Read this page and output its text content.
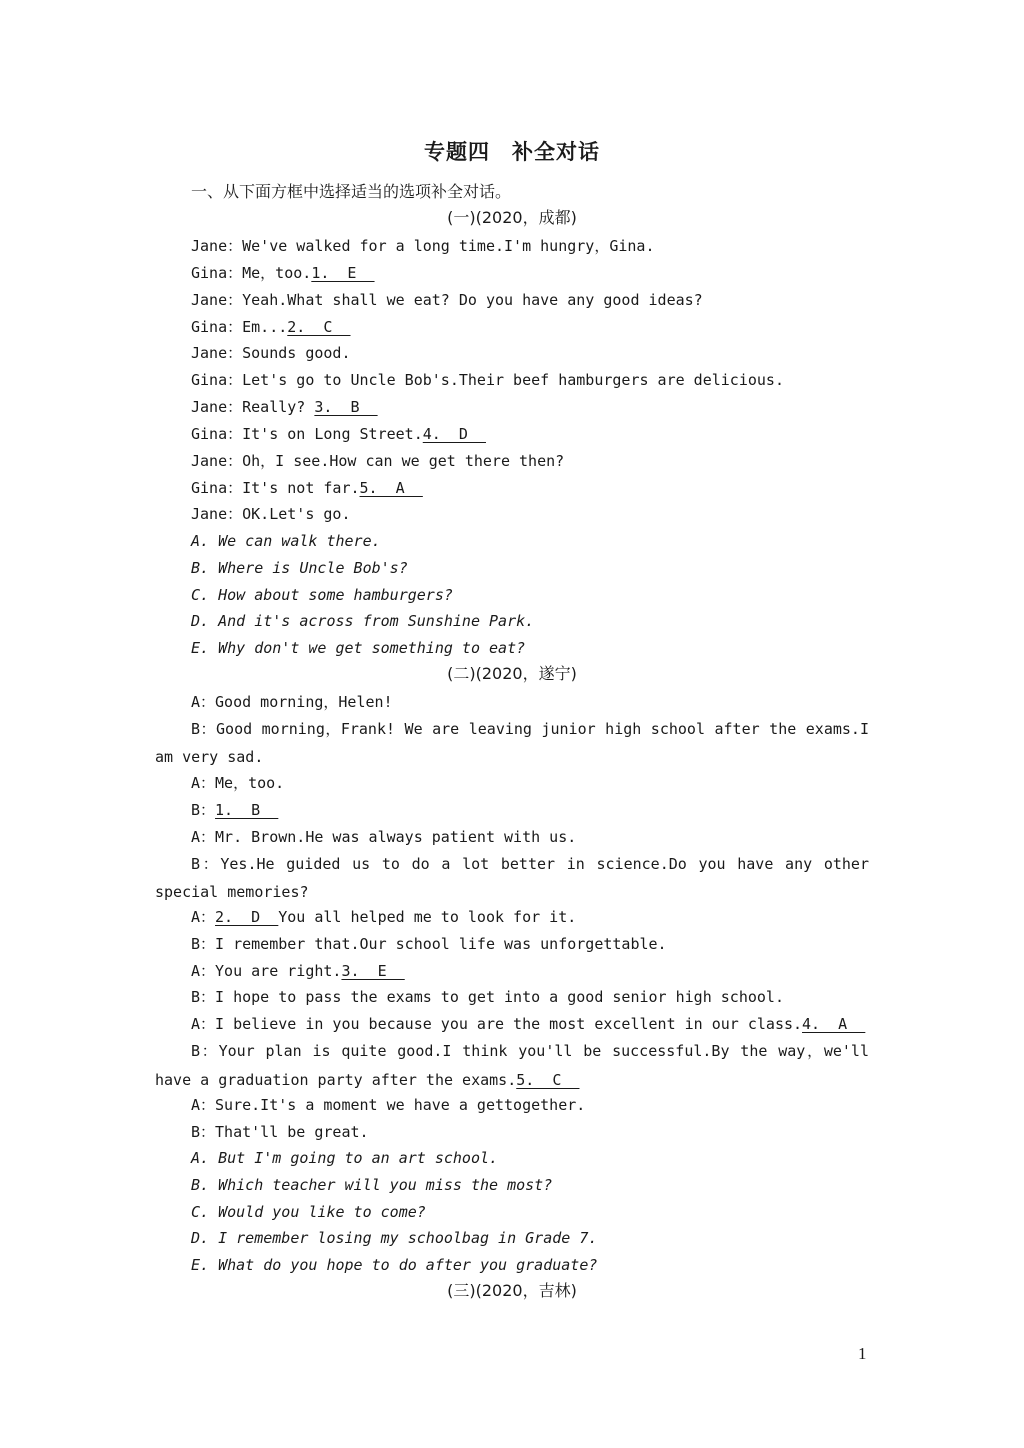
专题四　补全对话
一、从下面方框中选择适当的选项补全对话。
(一)(2020，成都)
Jane：We've walked for a long time.I'm hungry，Gina.
Gina：Me，too.1.__E__
Jane：Yeah.What shall we eat? Do you have any good ideas?
Gina：Em...2.__C__
Jane：Sounds good.
Gina：Let's go to Uncle Bob's.Their beef hamburgers are delicious.
Jane：Really? 3.__B__
Gina：It's on Long Street.4.__D__
Jane：Oh，I see.How can we get there then?
Gina：It's not far.5.__A__
Jane：OK.Let's go.
A. We can walk there.
B. Where is Uncle Bob's?
C. How about some hamburgers?
D. And it's across from Sunshine Park.
E. Why don't we get something to eat?
(二)(2020，遂宁)
A：Good morning，Helen!
B：Good morning，Frank! We are leaving junior high school after the exams.I
am very sad.
A：Me，too.
B：1.__B__
A：Mr. Brown.He was always patient with us.
B：Yes.He guided us to do a lot better in science.Do you have any other
special memories?
A：2.__D__You all helped me to look for it.
B：I remember that.Our school life was unforgettable.
A：You are right.3.__E__
B：I hope to pass the exams to get into a good senior high school.
A：I believe in you because you are the most excellent in our class.4.__A__
B：Your plan is quite good.I think you'll be successful.By the way，we'll
have a graduation party after the exams.5.__C__
A：Sure.It's a moment we have a gettogether.
B：That'll be great.
A. But I'm going to an art school.
B. Which teacher will you miss the most?
C. Would you like to come?
D. I remember losing my schoolbag in Grade 7.
E. What do you hope to do after you graduate?
(三)(2020，吉林)
1
